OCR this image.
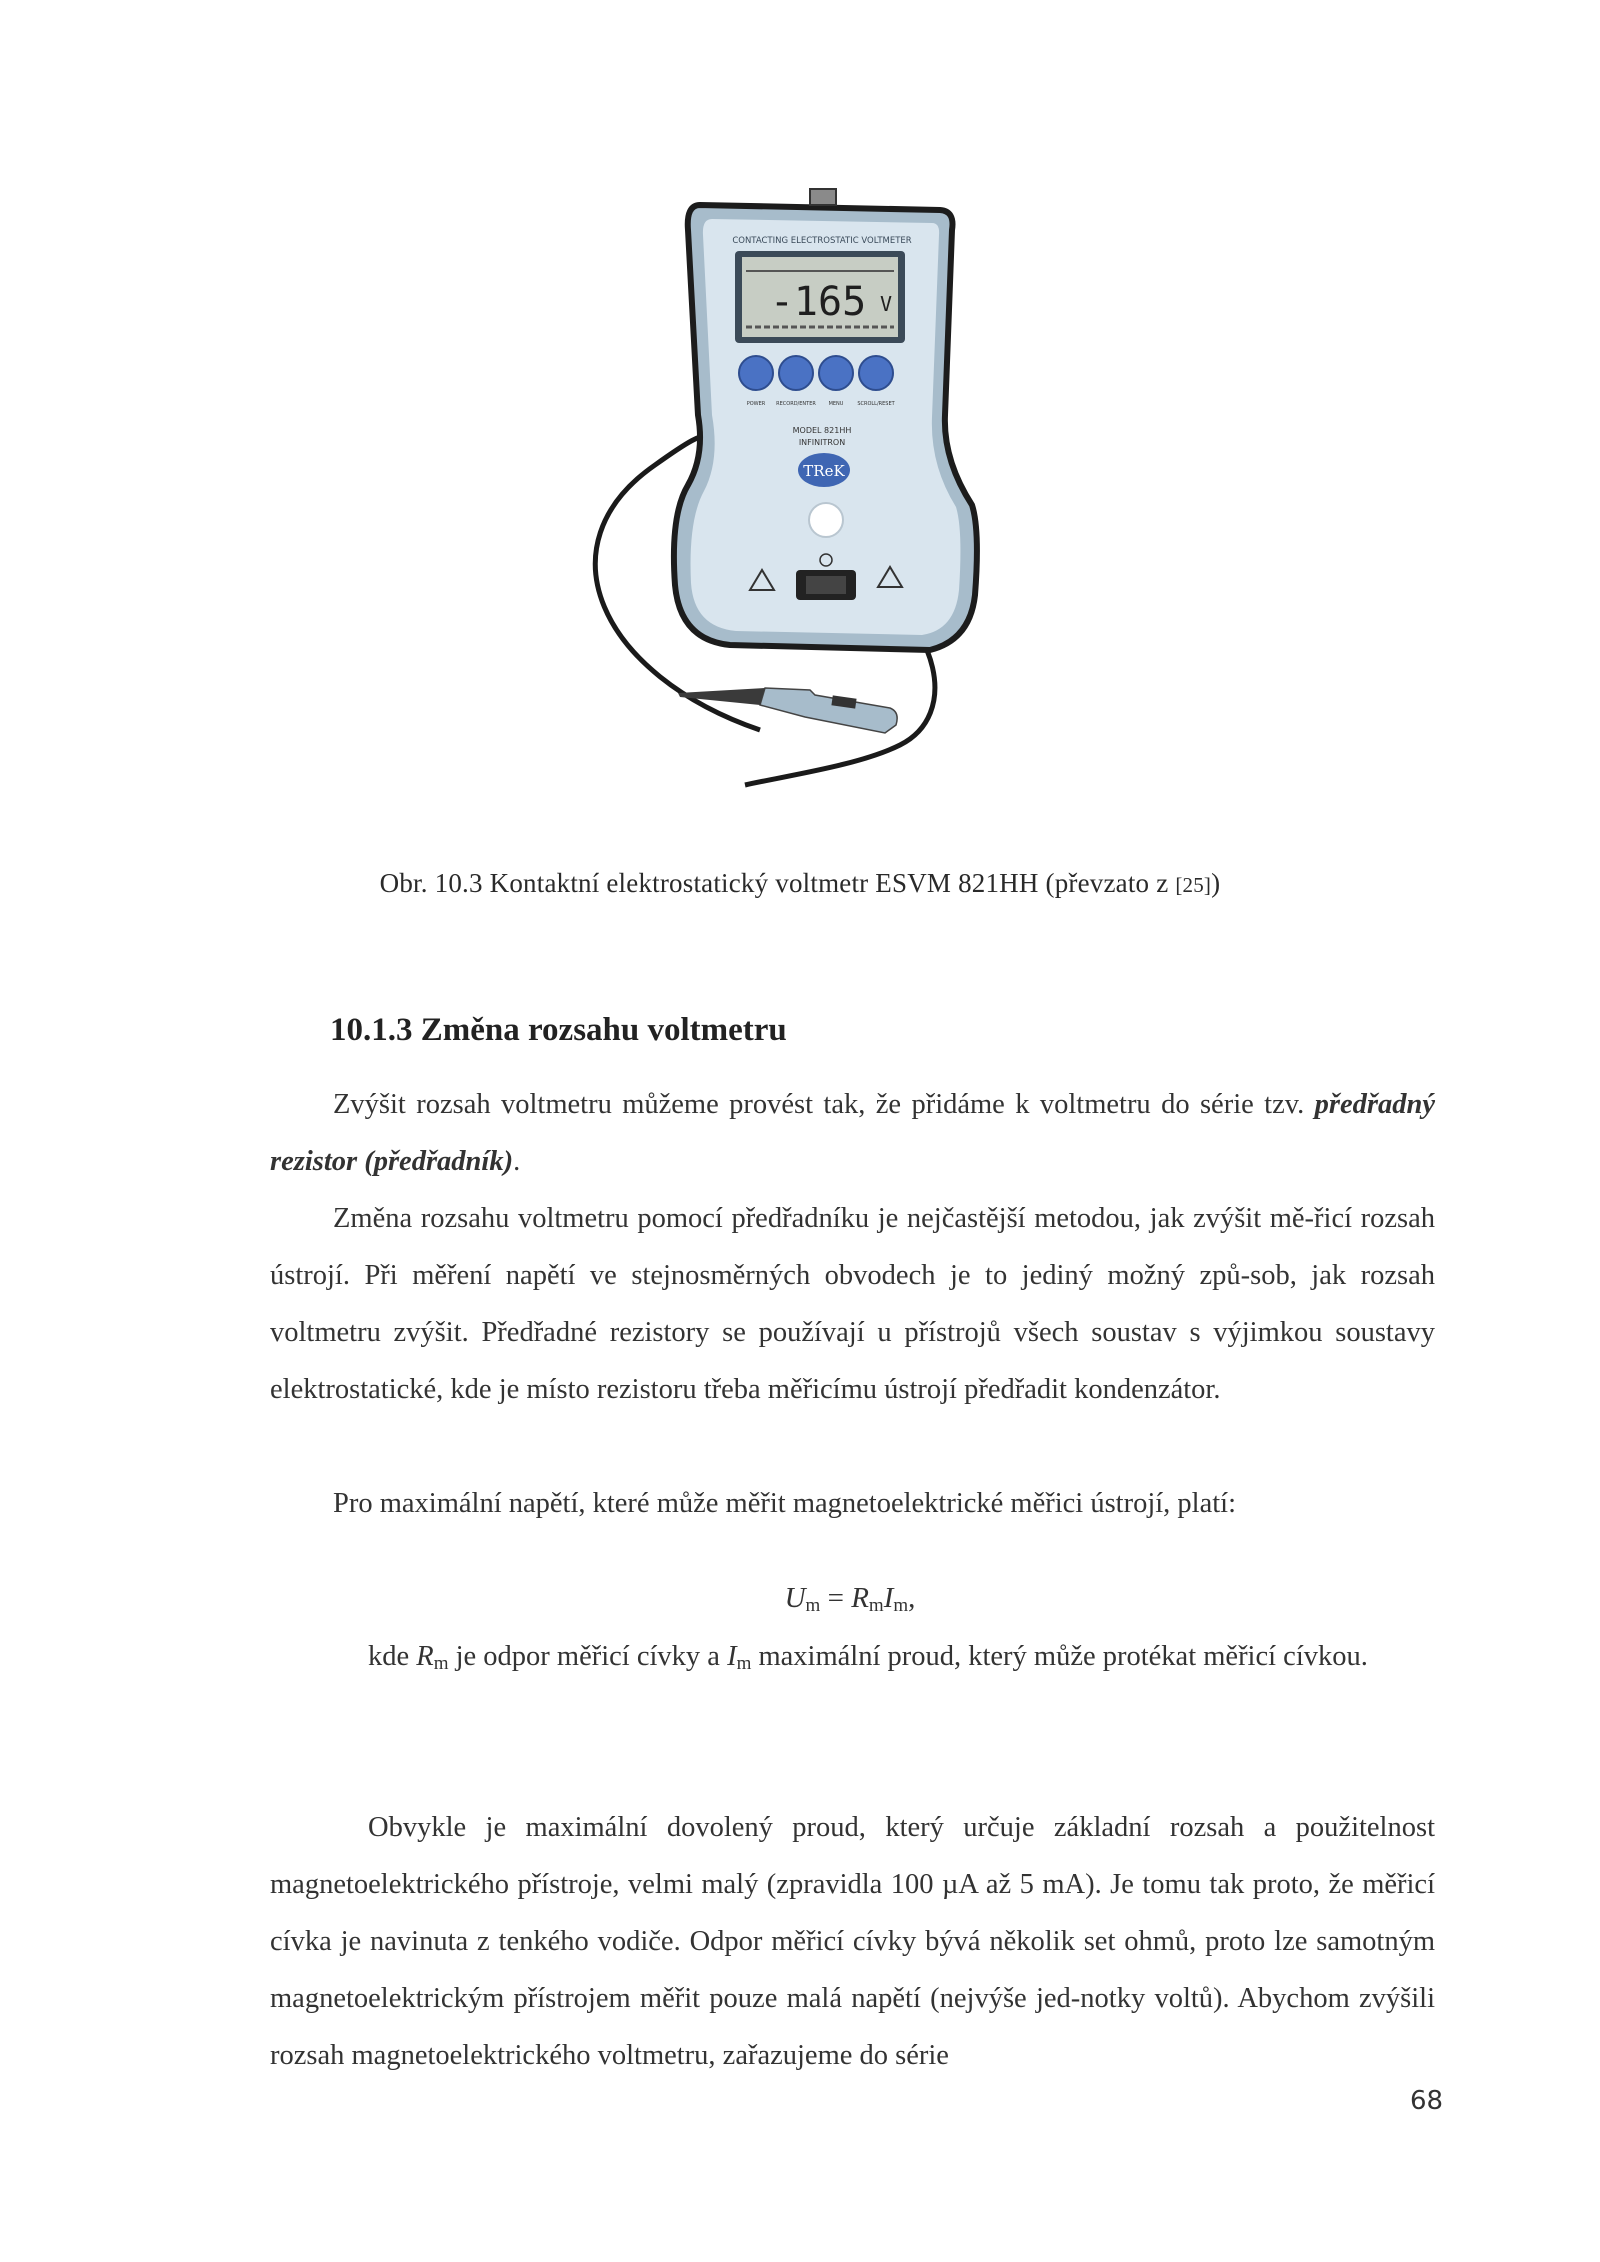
CONTACTING ELECTROSTATIC VOLTMETER
-165 V
POWER RECORD/ENTER	MENU	SCROLL/RESET
MODEL 821HH
INFINITRON
TReK
Obr. 10.3 Kontaktní elektrostatický voltmetr ESVM 821HH (převzato z [25])
10.1.3 Změna rozsahu voltmetru

Zvýšit rozsah voltmetru můžeme provést tak, že přidáme k voltmetru do série tzv. předřadný rezistor (předřadník).

Změna rozsahu voltmetru pomocí předřadníku je nejčastější metodou, jak zvýšit mě-řicí rozsah ústrojí. Při měření napětí ve stejnosměrných obvodech je to jediný možný způ-sob, jak rozsah voltmetru zvýšit. Předřadné rezistory se používají u přístrojů všech soustav s výjimkou soustavy elektrostatické, kde je místo rezistoru třeba měřicímu ústrojí předřadit kondenzátor.

Pro maximální napětí, které může měřit magnetoelektrické měřici ústrojí, platí:

$U_m = R_mI_m$,

kde $R_m$ je odpor měřicí cívky a $I_m$ maximální proud, který může protékat měřicí cívkou.

Obvykle je maximální dovolený proud, který určuje základní rozsah a použitelnost magnetoelektrického přístroje, velmi malý (zpravidla 100 µA až 5 mA). Je tomu tak proto, že měřicí cívka je navinuta z tenkého vodiče. Odpor měřicí cívky bývá několik set ohmů, proto lze samotným magnetoelektrickým přístrojem měřit pouze malá napětí (nejvýše jed-notky voltů). Abychom zvýšili rozsah magnetoelektrického voltmetru, zařazujeme do série

68
